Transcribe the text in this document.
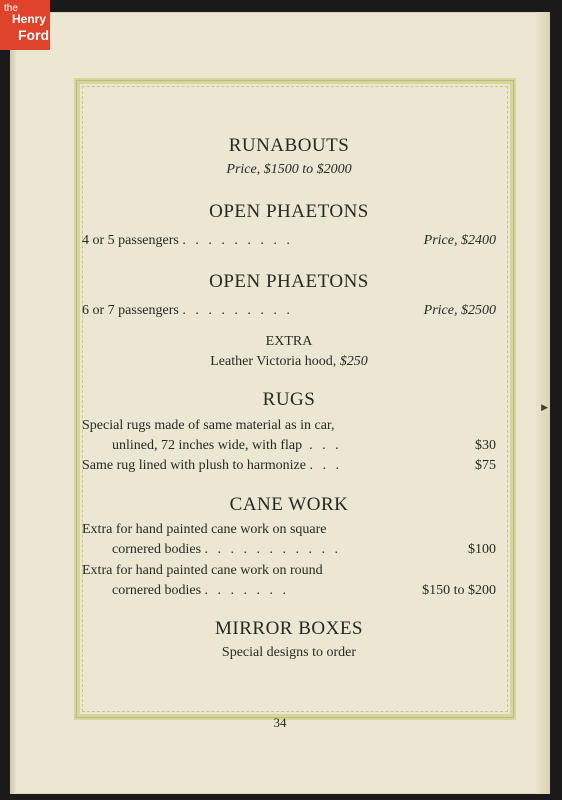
▶
RUNABOUTS
Price, $1500 to $2000
OPEN PHAETONS
4 or 5 passengers . . . . . . . . .	Price, $2400
OPEN PHAETONS
6 or 7 passengers . . . . . . . . .	Price, $2500
EXTRA
Leather Victoria hood, $250
RUGS
Special rugs made of same material as in car,
unlined, 72 inches wide, with flap . . .	$30
Same rug lined with plush to harmonize . . .	$75
CANE WORK
Extra for hand painted cane work on square
cornered bodies . . . . . . . . . . .	$100
Extra for hand painted cane work on round
cornered bodies . . . . . . .	$150 to $200
MIRROR BOXES
Special designs to order
34
the
Henry
Ford
